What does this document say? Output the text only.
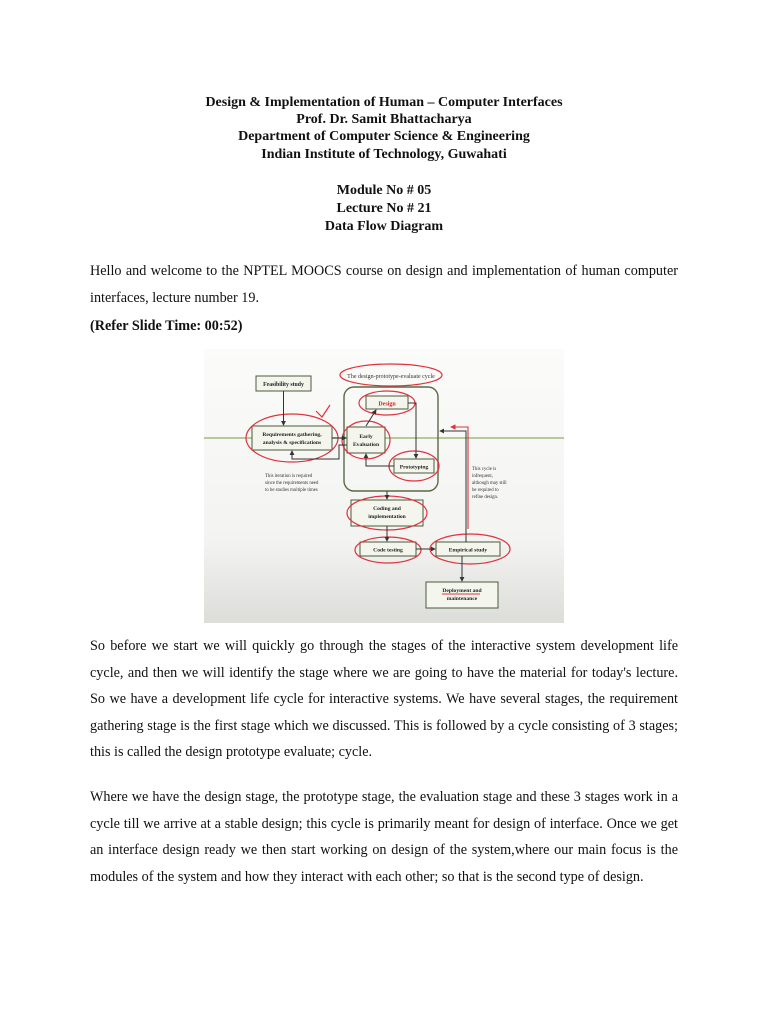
Design & Implementation of Human – Computer Interfaces
Prof. Dr. Samit Bhattacharya
Department of Computer Science & Engineering
Indian Institute of Technology, Guwahati
Module No # 05
Lecture No # 21
Data Flow Diagram

Hello and welcome to the NPTEL MOOCS course on design and implementation of human computer interfaces, lecture number 19.

(Refer Slide Time: 00:52)
The design-prototype-evaluate cycle
Feasibility study
Requirements gathering,
analysis & specifications
Design
Early
Evaluation
Prototyping
Coding and
implementation
Code testing	Empirical study
Deployment and
maintenance
This iteration is required
since the requirements need
to be studies multiple times
This cycle is
infrequent,
although may still
be required to
refine design.

So before we start we will quickly go through the stages of the interactive system development life cycle, and then we will identify the stage where we are going to have the material for today's lecture. So we have a development life cycle for interactive systems. We have several stages, the requirement gathering stage is the first stage which we discussed. This is followed by a cycle consisting of 3 stages; this is called the design prototype evaluate; cycle.

Where we have the design stage, the prototype stage, the evaluation stage and these 3 stages work in a cycle till we arrive at a stable design; this cycle is primarily meant for design of interface. Once we get an interface design ready we then start working on design of the system,where our main focus is the modules of the system and how they interact with each other; so that is the second type of design.
